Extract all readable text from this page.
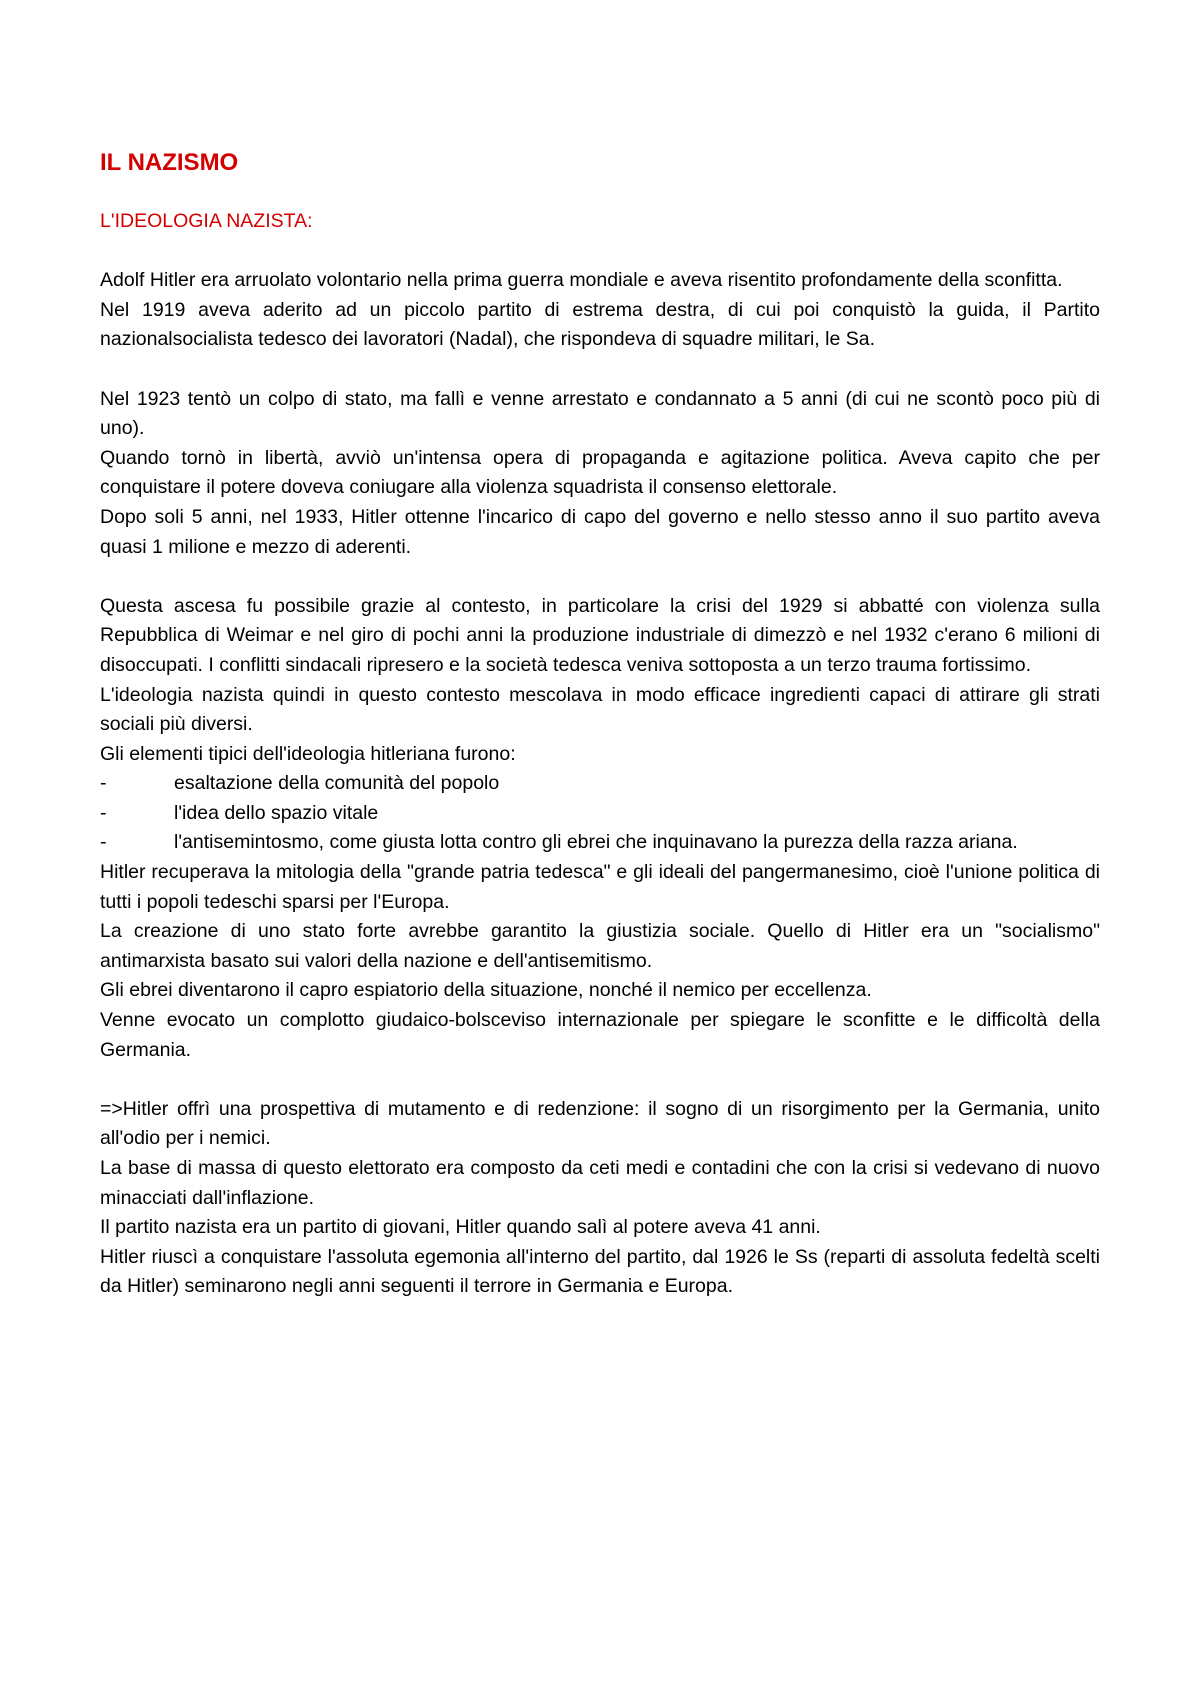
IL NAZISMO
L'IDEOLOGIA NAZISTA:

Adolf Hitler era arruolato volontario nella prima guerra mondiale e aveva risentito profondamente della sconfitta.

Nel 1919 aveva aderito ad un piccolo partito di estrema destra, di cui poi conquistò la guida, il Partito nazionalsocialista tedesco dei lavoratori (Nadal), che rispondeva di squadre militari, le Sa.

Nel 1923 tentò un colpo di stato, ma fallì e venne arrestato e condannato a 5 anni (di cui ne scontò poco più di uno).

Quando tornò in libertà, avviò un'intensa opera di propaganda e agitazione politica. Aveva capito che per conquistare il potere doveva coniugare alla violenza squadrista il consenso elettorale.

Dopo soli 5 anni, nel 1933, Hitler ottenne l'incarico di capo del governo e nello stesso anno il suo partito aveva quasi 1 milione e mezzo di aderenti.

Questa ascesa fu possibile grazie al contesto, in particolare la crisi del 1929 si abbatté con violenza sulla Repubblica di Weimar e nel giro di pochi anni la produzione industriale di dimezzò e nel 1932 c'erano 6 milioni di disoccupati. I conflitti sindacali ripresero e la società tedesca veniva sottoposta a un terzo trauma fortissimo.

L'ideologia nazista quindi in questo contesto mescolava in modo efficace ingredienti capaci di attirare gli strati sociali più diversi.

Gli elementi tipici dell'ideologia hitleriana furono:

-	esaltazione della comunità del popolo
-	l'idea dello spazio vitale
-	l'antisemintosmo, come giusta lotta contro gli ebrei che inquinavano la purezza della razza ariana.

Hitler recuperava la mitologia della "grande patria tedesca" e gli ideali del pangermanesimo, cioè l'unione politica di tutti i popoli tedeschi sparsi per l'Europa.

La creazione di uno stato forte avrebbe garantito la giustizia sociale. Quello di Hitler era un "socialismo" antimarxista basato sui valori della nazione e dell'antisemitismo.

Gli ebrei diventarono il capro espiatorio della situazione, nonché il nemico per eccellenza.

Venne evocato un complotto giudaico-bolsceviso internazionale per spiegare le sconfitte e le difficoltà della Germania.

=>Hitler offrì una prospettiva di mutamento e di redenzione: il sogno di un risorgimento per la Germania, unito all'odio per i nemici.

La base di massa di questo elettorato era composto da ceti medi e contadini che con la crisi si vedevano di nuovo minacciati dall'inflazione.

Il partito nazista era un partito di giovani, Hitler quando salì al potere aveva 41 anni.

Hitler riuscì a conquistare l'assoluta egemonia all'interno del partito, dal 1926 le Ss (reparti di assoluta fedeltà scelti da Hitler) seminarono negli anni seguenti il terrore in Germania e Europa.
